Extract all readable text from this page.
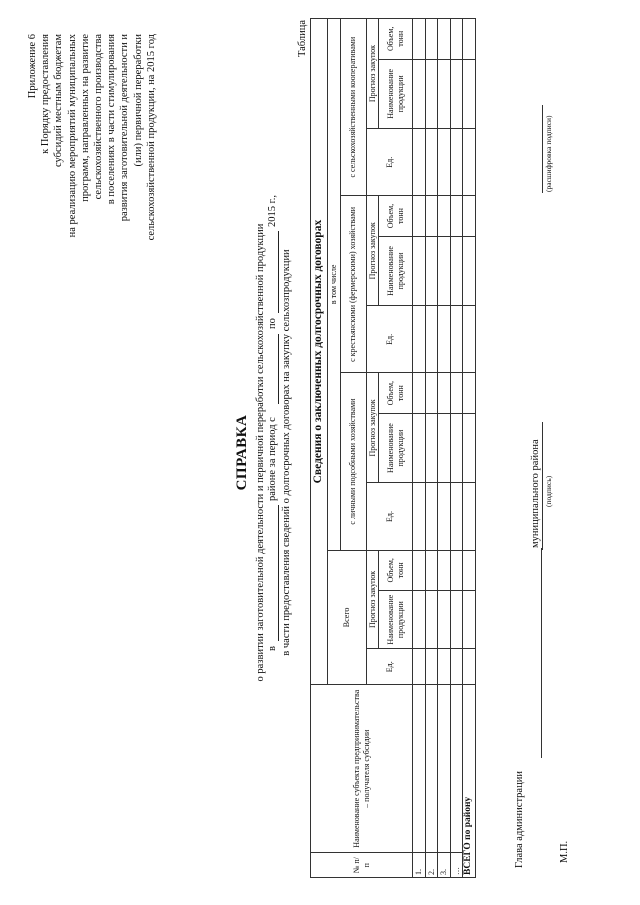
Приложение 6 к Порядку предоставления субсидий местным бюджетам на реализацию мероприятий муниципальных программ, направленных на развитие сельскохозяйственного производства в поселениях в части стимулирования развития заготовительной деятельности и (или) первичной переработки сельскохозяйственной продукции, на 2015 год
СПРАВКА о развитии заготовительной деятельности и первичной переработки сельскохозяйственной продукции в
районе за период с
по
2015 г.,
в части предоставления сведений о долгосрочных договорах на закупку сельхозпродукции
Таблица
№ п/п	Наименование субъекта предпринимательства – получателя субсидии	Сведения о заключенных долгосрочных договорах											
		Всего			в том числе								
					с личными подсобными хозяйствами			с крестьянскими (фермерскими) хозяйствами			с сельскохозяйственными кооперативами		
		Ед.	Прогноз закупок		Ед.	Прогноз закупок		Ед.	Прогноз закупок		Ед.	Прогноз закупок	
			Наименование продукции	Объем, тонн		Наименование продукции	Объем, тонн		Наименование продукции	Объем, тонн		Наименование продукции	Объем, тонн
1.													
2.													
3.													
…													
ВСЕГО по району														Глава администрации
муниципального района (подпись)
(расшифровка подписи)
М.П.
